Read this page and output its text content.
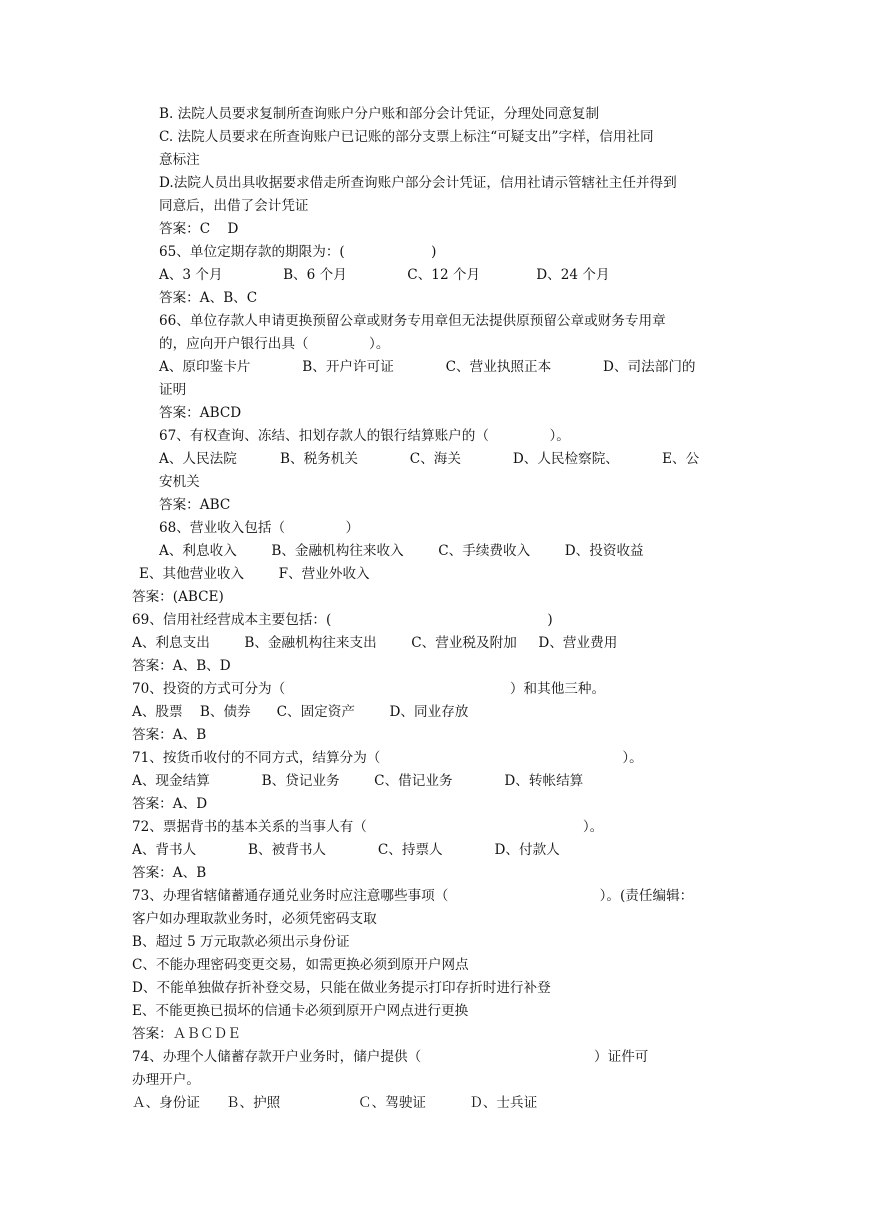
B. 法院人员要求复制所查询账户分户账和部分会计凭证，分理处同意复制
C. 法院人员要求在所查询账户已记账的部分支票上标注“可疑支出”字样，信用社同
意标注
D.法院人员出具收据要求借走所查询账户部分会计凭证，信用社请示管辖社主任并得到
同意后，出借了会计凭证
答案：C    D
65、单位定期存款的期限为：(                    )
A、3 个月              B、6 个月              C、12 个月             D、24 个月
答案：A、B、C
66、单位存款人申请更换预留公章或财务专用章但无法提供原预留公章或财务专用章
的，应向开户银行出具（              ）。
A、原印鉴卡片            B、开户许可证            C、营业执照正本            D、司法部门的
证明
答案：ABCD
67、有权查询、冻结、扣划存款人的银行结算账户的（              ）。
A、人民法院          B、税务机关            C、海关            D、人民检察院、          E、公
安机关
答案：ABC
68、营业收入包括（              ）
A、利息收入        B、金融机构往来收入        C、手续费收入        D、投资收益
E、其他营业收入        F、营业外收入
答案：(ABCE)
69、信用社经营成本主要包括：(                                                  )
A、利息支出        B、金融机构往来支出        C、营业税及附加     D、营业费用
答案：A、B、D
70、投资的方式可分为（                                                    ）和其他三种。
A、股票    B、债券      C、固定资产        D、同业存放
答案：A、B
71、按货币收付的不同方式，结算分为（                                                        ）。
A、现金结算            B、贷记业务        C、借记业务            D、转帐结算
答案：A、D
72、票据背书的基本关系的当事人有（                                                  ）。
A、背书人            B、被背书人            C、持票人            D、付款人
答案：A、B
73、办理省辖储蓄通存通兑业务时应注意哪些事项（                                   ）。(责任编辑：
客户如办理取款业务时，必须凭密码支取
B、超过 5 万元取款必须出示身份证
C、不能办理密码变更交易，如需更换必须到原开户网点
D、不能单独做存折补登交易，只能在做业务提示打印存折时进行补登
E、不能更换已损坏的信通卡必须到原开户网点进行更换
答案：ＡＢＣＤＥ
74、办理个人储蓄存款开户业务时，储户提供（                                        ）证件可
办理开户。
Ａ、身份证      Ｂ、护照                  Ｃ、驾驶证          Ｄ、士兵证
